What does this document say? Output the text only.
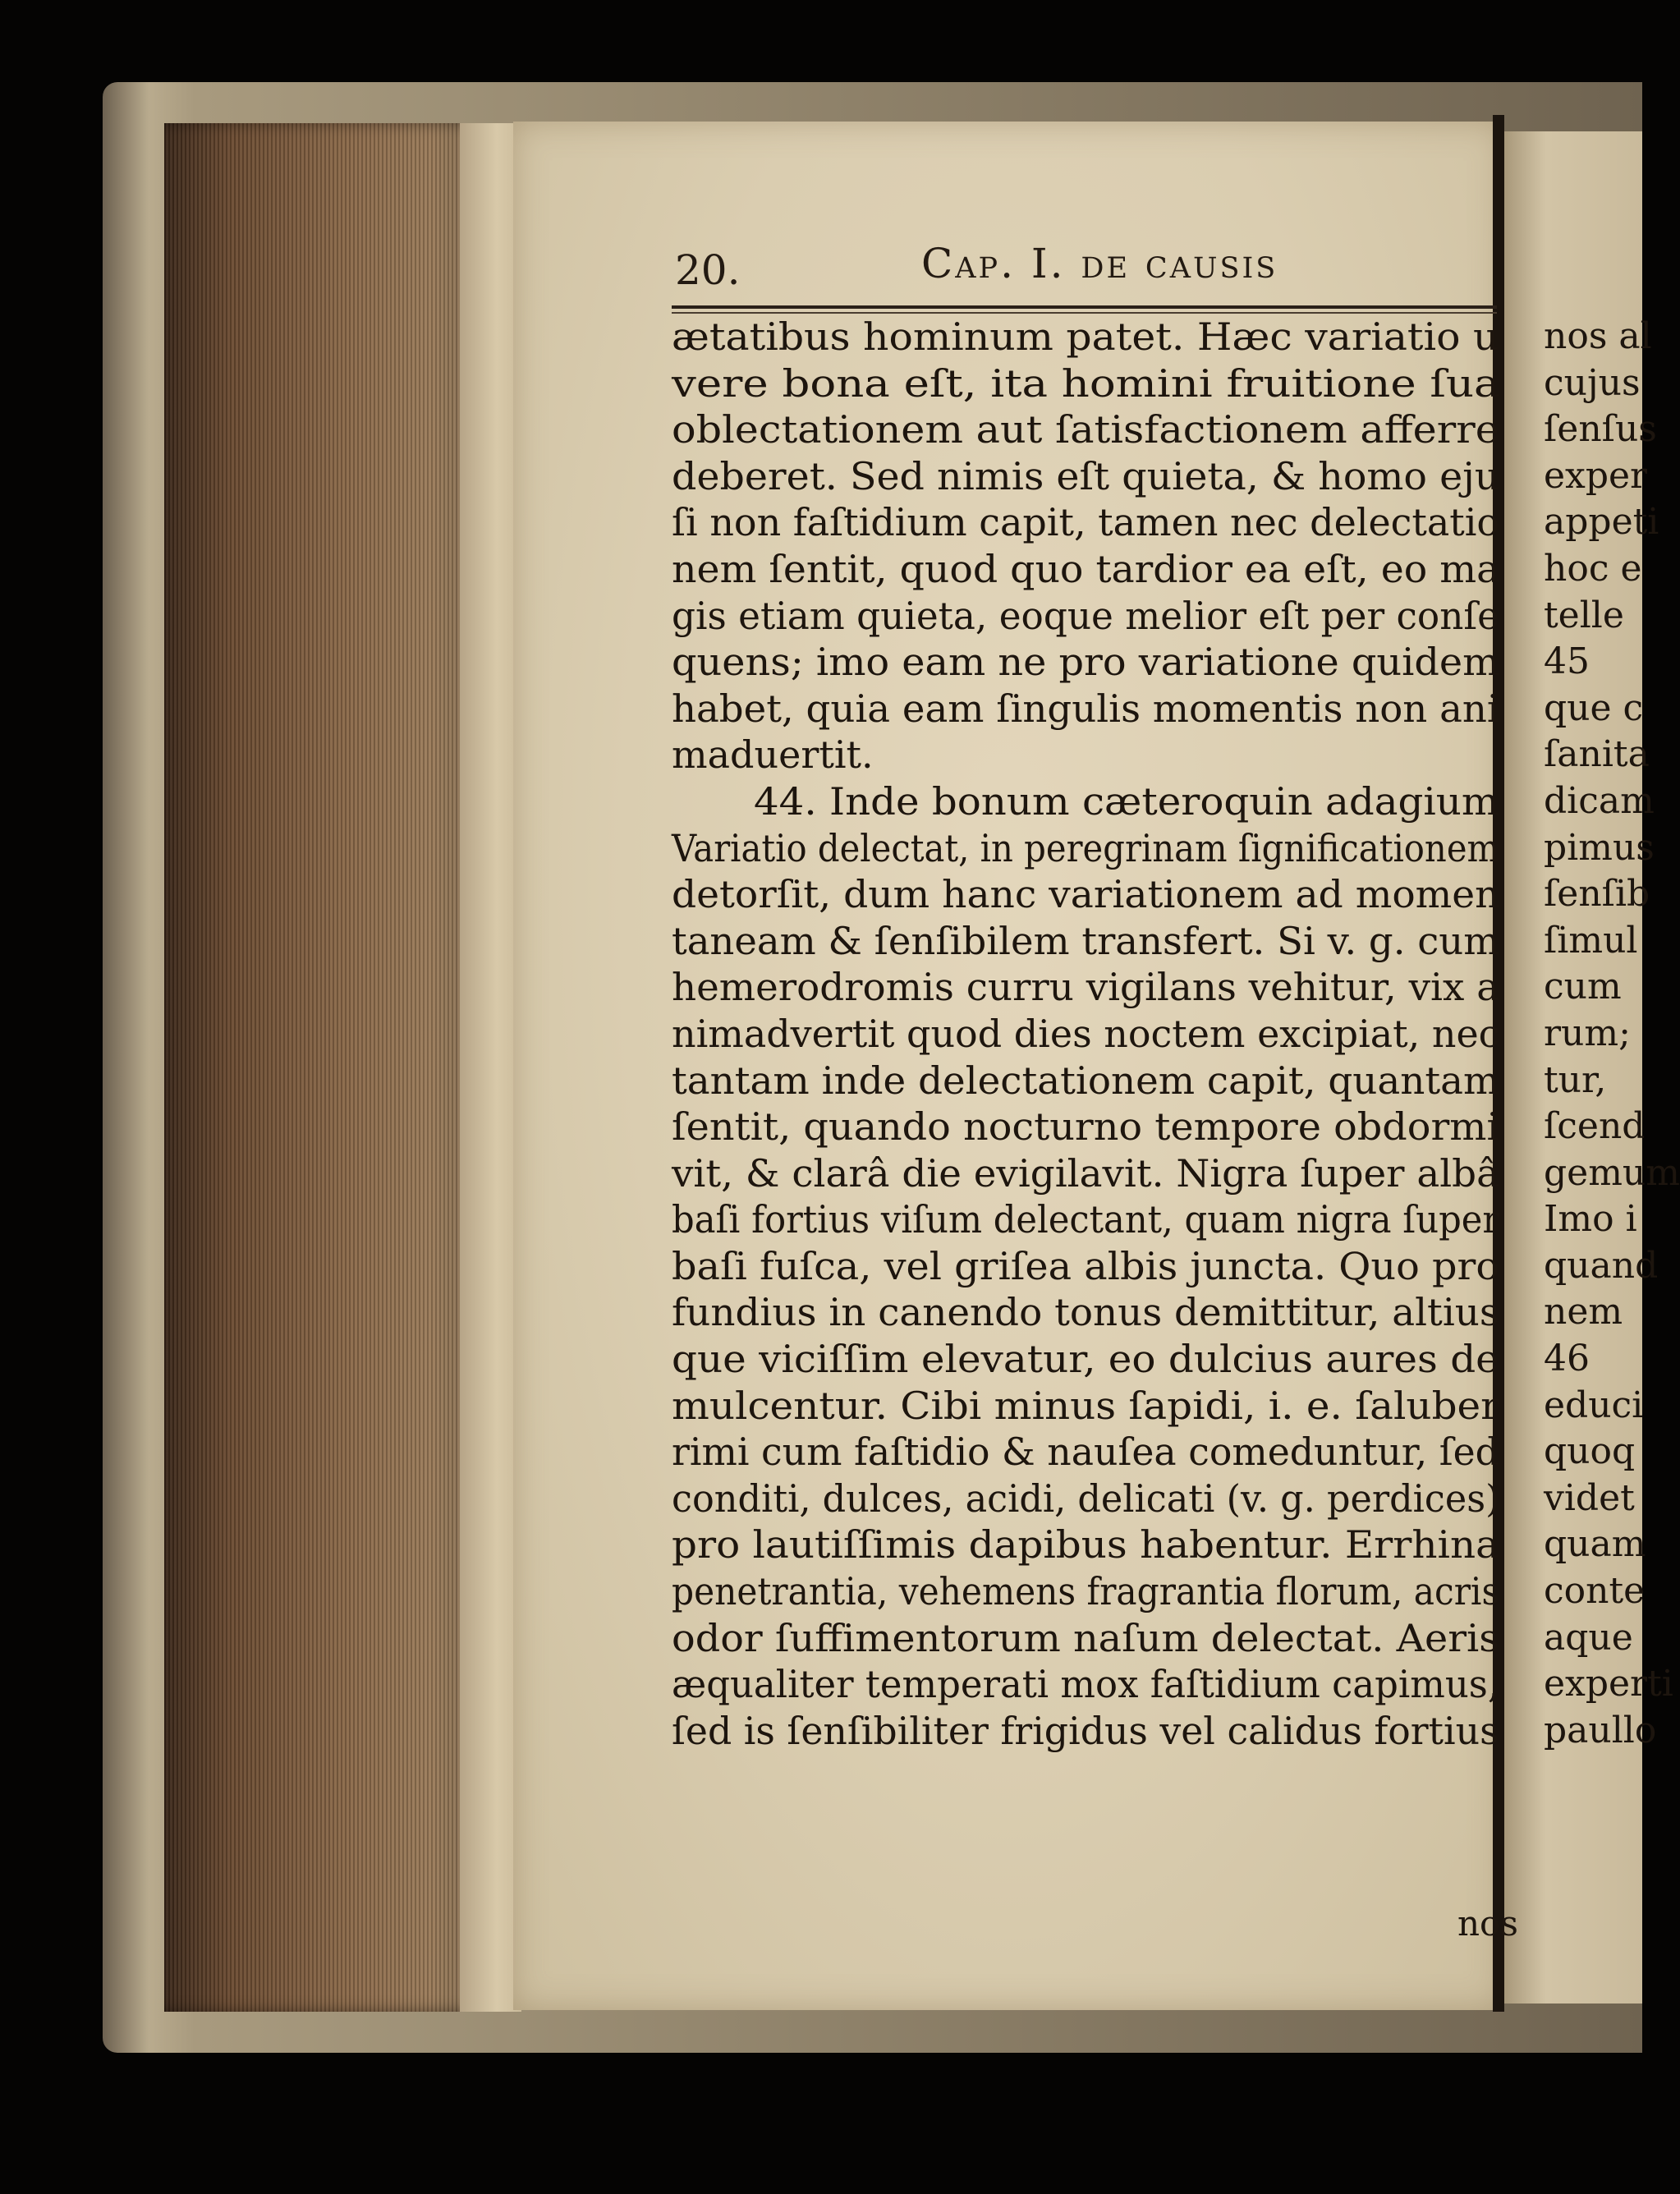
20.	Cap. I. de causis
ætatibus hominum patet. Hæc variatio u
vere bona eſt, ita homini fruitione ſua
oblectationem aut ſatisfactionem afferre
deberet. Sed nimis eſt quieta, & homo eju
ſi non faſtidium capit, tamen nec delectatio
nem ſentit, quod quo tardior ea eſt, eo ma
gis etiam quieta, eoque melior eſt per conſe
quens; imo eam ne pro variatione quidem
habet, quia eam ſingulis momentis non ani
maduertit.
44. Inde bonum cæteroquin adagium
Variatio delectat, in peregrinam ſignificationem
detorſit, dum hanc variationem ad momen
taneam & ſenſibilem transfert. Si v. g. cum
hemerodromis curru vigilans vehitur, vix a
nimadvertit quod dies noctem excipiat, nec
tantam inde delectationem capit, quantam
ſentit, quando nocturno tempore obdormi
vit, & clarâ die evigilavit. Nigra ſuper albâ
baſi fortius viſum delectant, quam nigra ſuper
baſi fuſca, vel griſea albis juncta. Quo pro
fundius in canendo tonus demittitur, altius
que viciſſim elevatur, eo dulcius aures de
mulcentur. Cibi minus ſapidi, i. e. ſaluber
rimi cum faſtidio & nauſea comeduntur, ſed
conditi, dulces, acidi, delicati (v. g. perdices)
pro lautiſſimis dapibus habentur. Errhina
penetrantia, vehemens fragrantia florum, acris
odor ſuffimentorum naſum delectat. Aeris
æqualiter temperati mox faſtidium capimus,
ſed is ſenſibiliter frigidus vel calidus fortius
nos
nos al
cujus
ſenſus
exper
appeti
hoc e
telle
45
que c
ſanita
dicam
pimus
ſenſib
ſimul
cum
rum;
tur,
ſcend
gemum
Imo i
quand
nem
46
educi
quoq
videt
quam
conte
aque
experti
paullo
